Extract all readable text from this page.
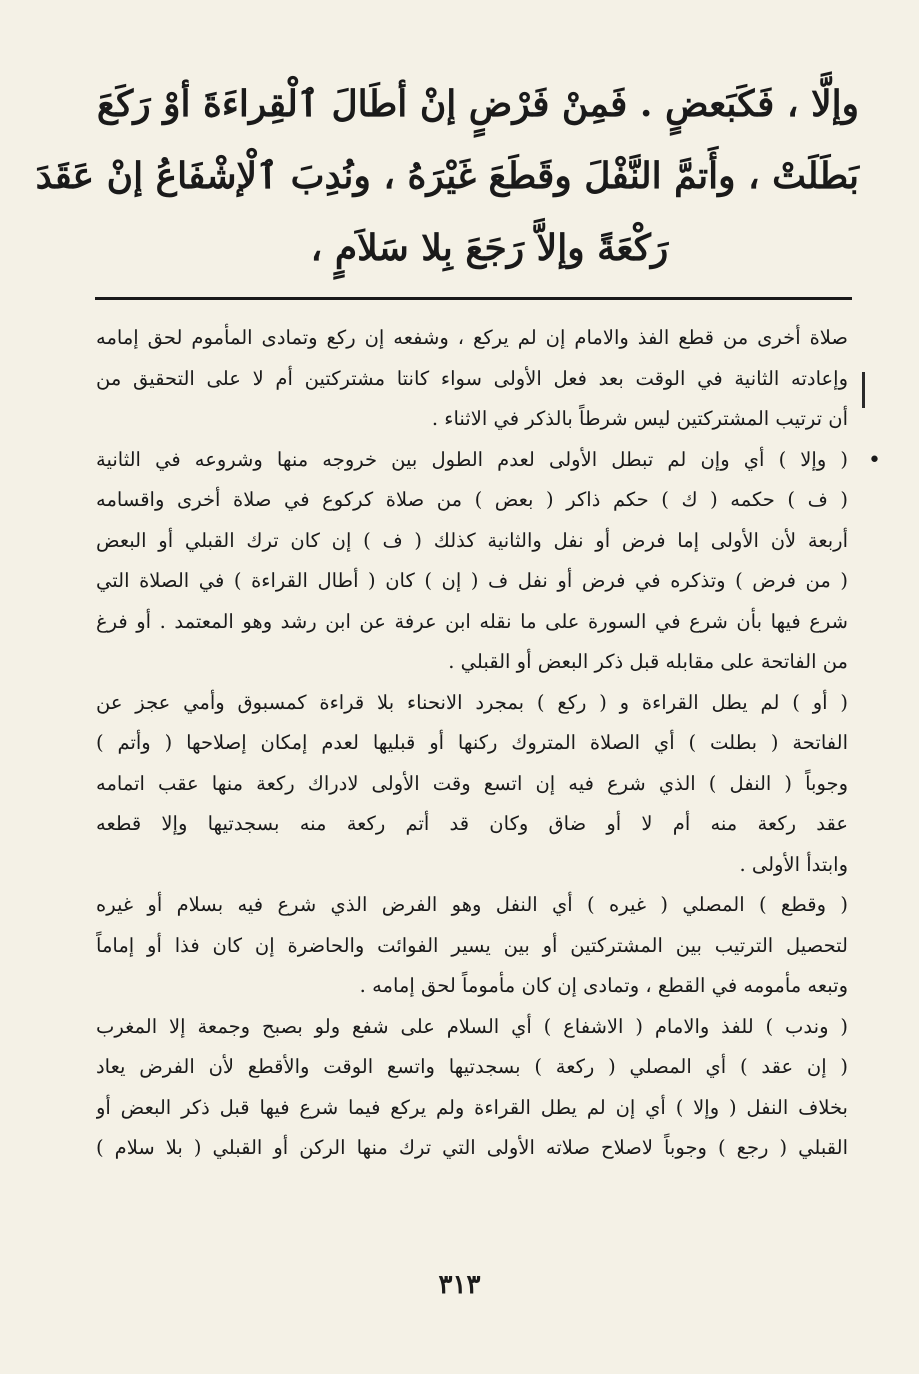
وإلَّا ، فَكَبَعضٍ . فَمِنْ فَرْضٍ إنْ أطَالَ ٱلْقِراءَةَ أوْ رَكَعَ
بَطَلَتْ ، وأَتمَّ النَّفْلَ وقَطَعَ غَيْرَهُ ، ونُدِبَ ٱلْإشْفَاعُ إنْ عَقَدَ
رَكْعَةً وإلاَّ رَجَعَ بِلا سَلاَمٍ ،
صلاة أخرى من قطع الفذ والامام إن لم يركع ، وشفعه إن ركع وتمادى المأموم لحق إمامه
وإعادته الثانية في الوقت بعد فعل الأولى سواء كانتا مشتركتين أم لا على التحقيق من
أن ترتيب المشتركتين ليس شرطاً بالذكر في الاثناء .
( وإلا ) أي وإن لم تبطل الأولى لعدم الطول بين خروجه منها وشروعه في الثانية
( ف ) حكمه ( ك ) حكم ذاكر ( بعض ) من صلاة كركوع في صلاة أخرى واقسامه
أربعة لأن الأولى إما فرض أو نفل والثانية كذلك ( ف ) إن كان ترك القبلي أو البعض
( من فرض ) وتذكره في فرض أو نفل ف ( إن ) كان ( أطال القراءة ) في الصلاة التي
شرع فيها بأن شرع في السورة على ما نقله ابن عرفة عن ابن رشد وهو المعتمد . أو فرغ
من الفاتحة على مقابله قبل ذكر البعض أو القبلي .
( أو ) لم يطل القراءة و ( ركع ) بمجرد الانحناء بلا قراءة كمسبوق وأمي عجز عن
الفاتحة ( بطلت ) أي الصلاة المتروك ركنها أو قبليها لعدم إمكان إصلاحها ( وأتم )
وجوباً ( النفل ) الذي شرع فيه إن اتسع وقت الأولى لادراك ركعة منها عقب اتمامه
عقد ركعة منه أم لا أو ضاق وكان قد أتم ركعة منه بسجدتيها وإلا قطعه
وابتدأ الأولى .
( وقطع ) المصلي ( غيره ) أي النفل وهو الفرض الذي شرع فيه بسلام أو غيره
لتحصيل الترتيب بين المشتركتين أو بين يسير الفوائت والحاضرة إن كان فذا أو إماماً
وتبعه مأمومه في القطع ، وتمادى إن كان مأموماً لحق إمامه .
( وندب ) للفذ والامام ( الاشفاع ) أي السلام على شفع ولو بصبح وجمعة إلا المغرب
( إن عقد ) أي المصلي ( ركعة ) بسجدتيها واتسع الوقت والأقطع لأن الفرض يعاد
بخلاف النفل ( وإلا ) أي إن لم يطل القراءة ولم يركع فيما شرع فيها قبل ذكر البعض أو
القبلي ( رجع ) وجوباً لاصلاح صلاته الأولى التي ترك منها الركن أو القبلي ( بلا سلام )
•
٣١٣
